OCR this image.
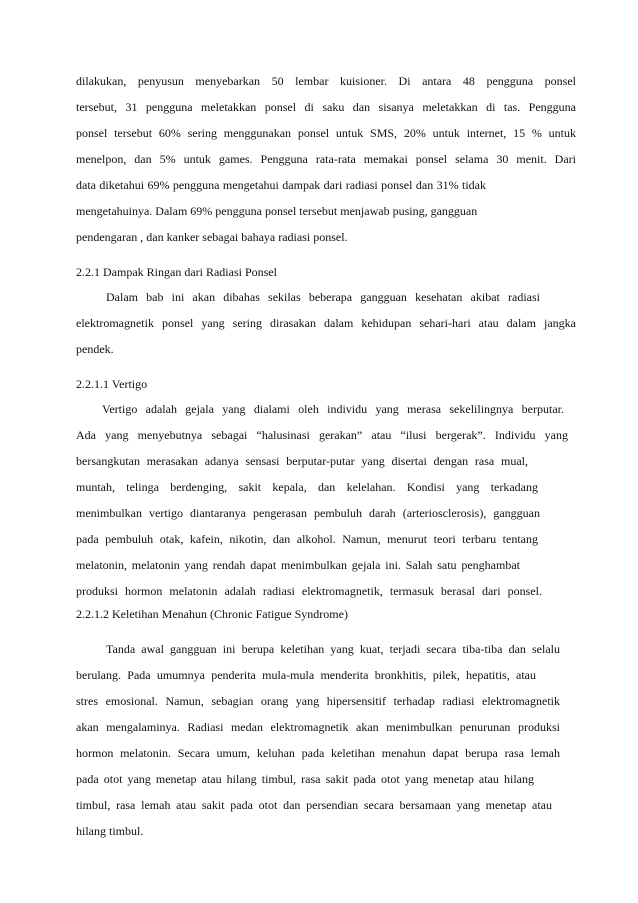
dilakukan, penyusun menyebarkan 50 lembar kuisioner. Di antara 48 pengguna ponsel
tersebut, 31 pengguna meletakkan ponsel di saku dan sisanya meletakkan di tas. Pengguna
ponsel tersebut 60% sering menggunakan ponsel untuk SMS, 20% untuk internet, 15 % untuk
menelpon, dan 5% untuk games. Pengguna rata-rata memakai ponsel selama 30 menit. Dari
data diketahui 69% pengguna mengetahui dampak dari radiasi ponsel dan 31% tidak
mengetahuinya. Dalam 69% pengguna ponsel tersebut menjawab pusing, gangguan
pendengaran , dan kanker sebagai bahaya radiasi ponsel.
2.2.1 Dampak Ringan dari Radiasi Ponsel
Dalam bab ini akan dibahas sekilas beberapa gangguan kesehatan akibat radiasi
elektromagnetik ponsel yang sering dirasakan dalam kehidupan sehari-hari atau dalam jangka
pendek.
2.2.1.1 Vertigo
Vertigo adalah gejala yang dialami oleh individu yang merasa sekelilingnya berputar.
Ada yang menyebutnya sebagai “halusinasi gerakan” atau “ilusi bergerak”. Individu yang
bersangkutan merasakan adanya sensasi berputar-putar yang disertai dengan rasa mual,
muntah, telinga berdenging, sakit kepala, dan kelelahan. Kondisi yang terkadang
menimbulkan vertigo diantaranya pengerasan pembuluh darah (arteriosclerosis), gangguan
pada pembuluh otak, kafein, nikotin, dan alkohol. Namun, menurut teori terbaru tentang
melatonin, melatonin yang rendah dapat menimbulkan gejala ini. Salah satu penghambat
produksi hormon melatonin adalah radiasi elektromagnetik, termasuk berasal dari ponsel.
2.2.1.2 Keletihan Menahun (Chronic Fatigue Syndrome)
Tanda awal gangguan ini berupa keletihan yang kuat, terjadi secara tiba-tiba dan selalu
berulang. Pada umumnya penderita mula-mula menderita bronkhitis, pilek, hepatitis, atau
stres emosional. Namun, sebagian orang yang hipersensitif terhadap radiasi elektromagnetik
akan mengalaminya. Radiasi medan elektromagnetik akan menimbulkan penurunan produksi
hormon melatonin. Secara umum, keluhan pada keletihan menahun dapat berupa rasa lemah
pada otot yang menetap atau hilang timbul, rasa sakit pada otot yang menetap atau hilang
timbul, rasa lemah atau sakit pada otot dan persendian secara bersamaan yang menetap atau
hilang timbul.
